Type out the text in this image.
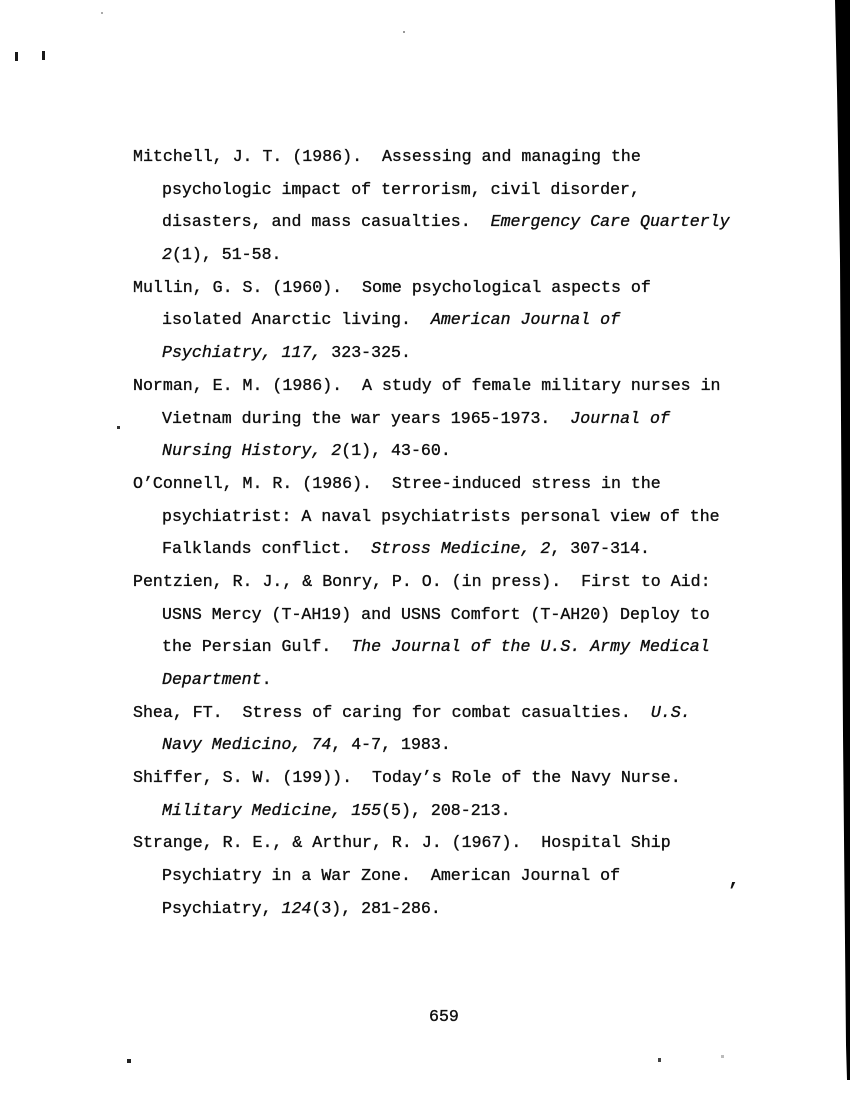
Mitchell, J. T. (1986).  Assessing and managing the
psychologic impact of terrorism, civil disorder,
disasters, and mass casualties.  Emergency Care Quarterly
2(1), 51-58.
Mullin, G. S. (1960).  Some psychological aspects of
isolated Anarctic living.  American Journal of
Psychiatry, 117, 323-325.
Norman, E. M. (1986).  A study of female military nurses in
Vietnam during the war years 1965-1973.  Journal of
Nursing History, 2(1), 43-60.
O’Connell, M. R. (1986).  Stree-induced stress in the
psychiatrist: A naval psychiatrists personal view of the
Falklands conflict.  Stross Medicine, 2, 307-314.
Pentzien, R. J., & Bonry, P. O. (in press).  First to Aid:
USNS Mercy (T-AH19) and USNS Comfort (T-AH20) Deploy to
the Persian Gulf.  The Journal of the U.S. Army Medical
Department.
Shea, FT.  Stress of caring for combat casualties.  U.S.
Navy Medicino, 74, 4-7, 1983.
Shiffer, S. W. (199)).  Today’s Role of the Navy Nurse.
Military Medicine, 155(5), 208-213.
Strange, R. E., & Arthur, R. J. (1967).  Hospital Ship
Psychiatry in a War Zone.  American Journal of
Psychiatry, 124(3), 281-286.
659
,
